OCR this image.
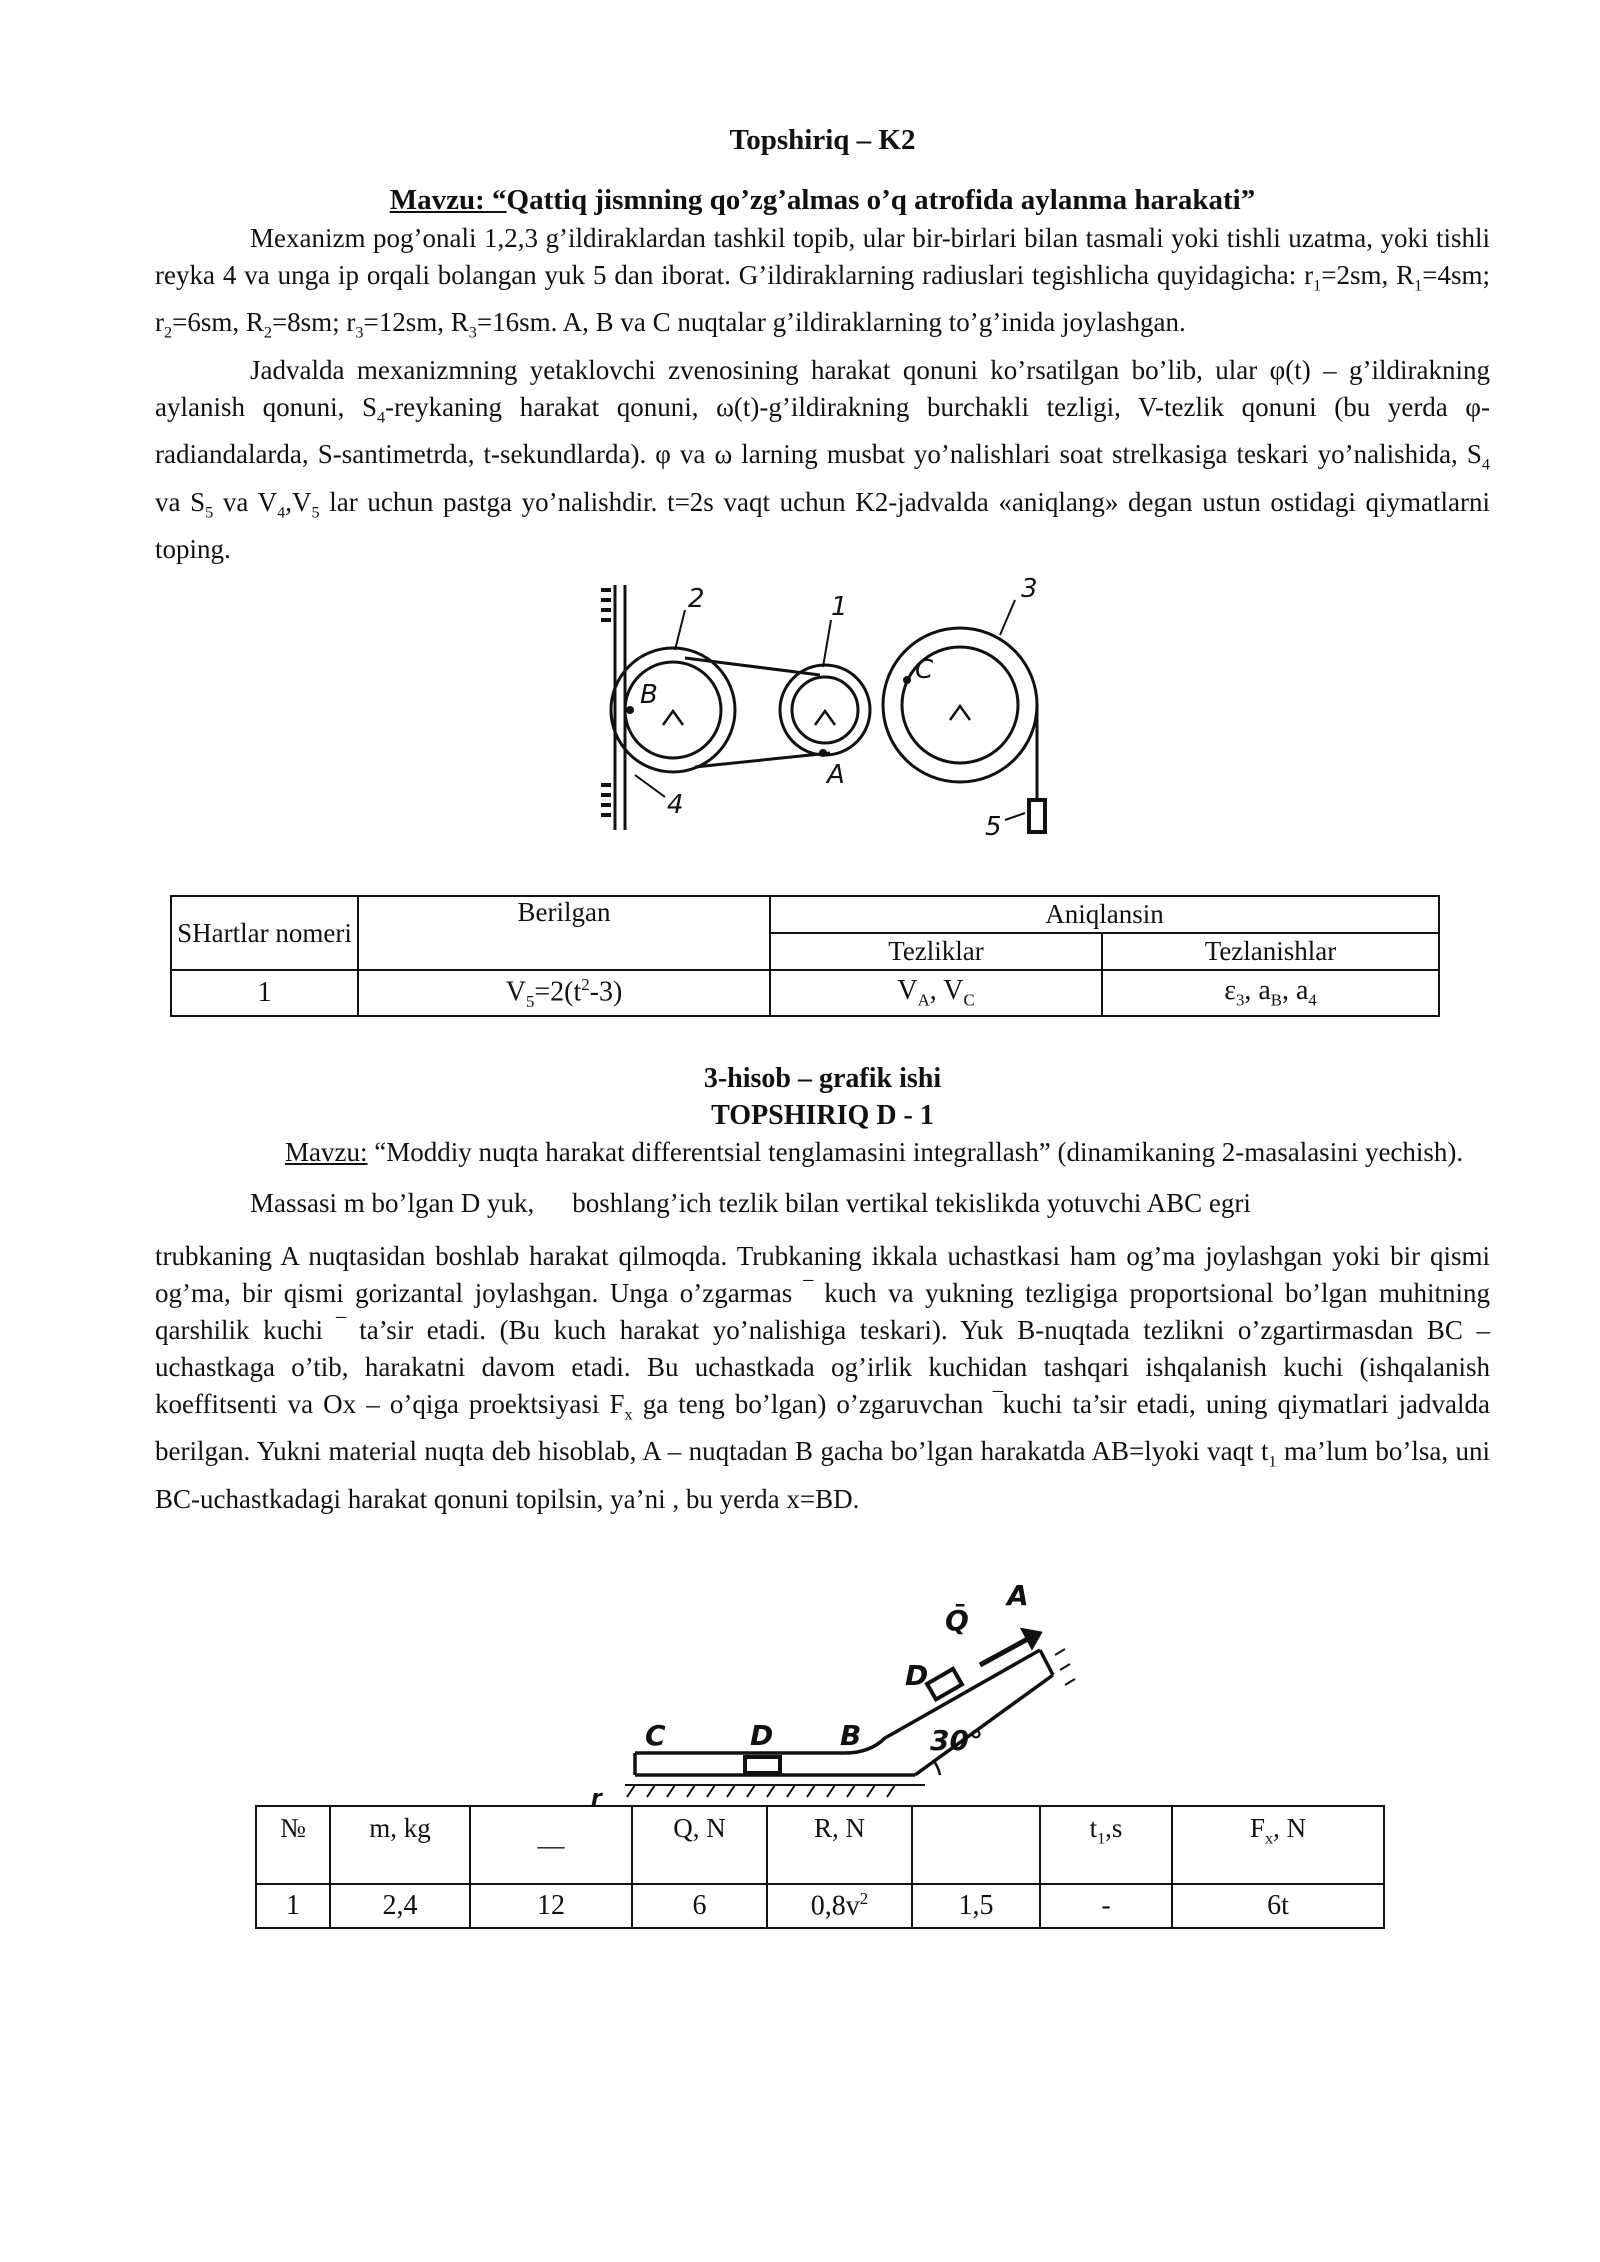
Topshiriq – K2
Mavzu: “Qattiq jismning qo’zg’almas o’q atrofida aylanma harakati”

Mexanizm pog’onali 1,2,3 g’ildiraklardan tashkil topib, ular bir-birlari bilan tasmali yoki tishli uzatma, yoki tishli reyka 4 va unga ip orqali bolangan yuk 5 dan iborat. G’ildiraklarning radiuslari tegishlicha quyidagicha: $r_1=2sm$, $R_1=4sm$; $r_2=6sm$, $R_2=8sm$; $r_3=12sm$, $R_3=16sm$. A, B va C nuqtalar g’ildiraklarning to’g’inida joylashgan.

Jadvalda mexanizmning yetaklovchi zvenosining harakat qonuni ko’rsatilgan bo’lib, ular φ(t) – g’ildirakning aylanish qonuni, $S_4$-reykaning harakat qonuni, ω(t)-g’ildirakning burchakli tezligi, V-tezlik qonuni (bu yerda φ-radiandalarda, S-santimetrda, t-sekundlarda). φ va ω larning musbat yo’nalishlari soat strelkasiga teskari yo’nalishida, $S_4$ va $S_5$ va $V_4,V_5$ lar uchun pastga yo’nalishdir. t=2s vaqt uchun K2-jadvalda «aniqlang» degan ustun ostidagi qiymatlarni toping.

2	1
3
B
C
A
4
5
SHartlar nomeri	Berilgan	Aniqlansin	
		Tezliklar	Tezlanishlar
1	$V_5=2(t^2-3)$	$V_A$, $V_C$	$\varepsilon_3$, $a_B$, $a_4$
3-hisob – grafik ishi
TOPSHIRIQ D - 1

Mavzu: “Moddiy nuqta harakat differentsial tenglamasini integrallash” (dinamikaning 2-masalasini yechish).

Massasi m bo’lgan D yuk, boshlang’ich tezlik bilan vertikal tekislikda yotuvchi ABC egri

trubkaning A nuqtasidan boshlab harakat qilmoqda. Trubkaning ikkala uchastkasi ham og’ma joylashgan yoki bir qismi og’ma, bir qismi gorizantal joylashgan. Unga o’zgarmas ‾ kuch va yukning tezligiga proportsional bo’lgan muhitning qarshilik kuchi ‾ ta’sir etadi. (Bu kuch harakat yo’nalishiga teskari). Yuk B-nuqtada tezlikni o’zgartirmasdan BC – uchastkaga o’tib, harakatni davom etadi. Bu uchastkada og’irlik kuchidan tashqari ishqalanish kuchi (ishqalanish koeffitsenti va Ox – o’qiga proektsiyasi $F_x$ ga teng bo’lgan) o’zgaruvchan ‾kuchi ta’sir etadi, uning qiymatlari jadvalda berilgan. Yukni material nuqta deb hisoblab, A – nuqtadan B gacha bo’lgan harakatda AB=lyoki vaqt $t_1$ ma’lum bo’lsa, uni BC-uchastkadagi harakat qonuni topilsin, ya’ni , bu yerda x=BD.

Q̄
A
D
C	D B 30°
r
№	m, kg	—	Q, N	R, N		$t_1,s$	$F_x$, N
1	2,4	12	6	$0,8v^2$	1,5	-	6t
